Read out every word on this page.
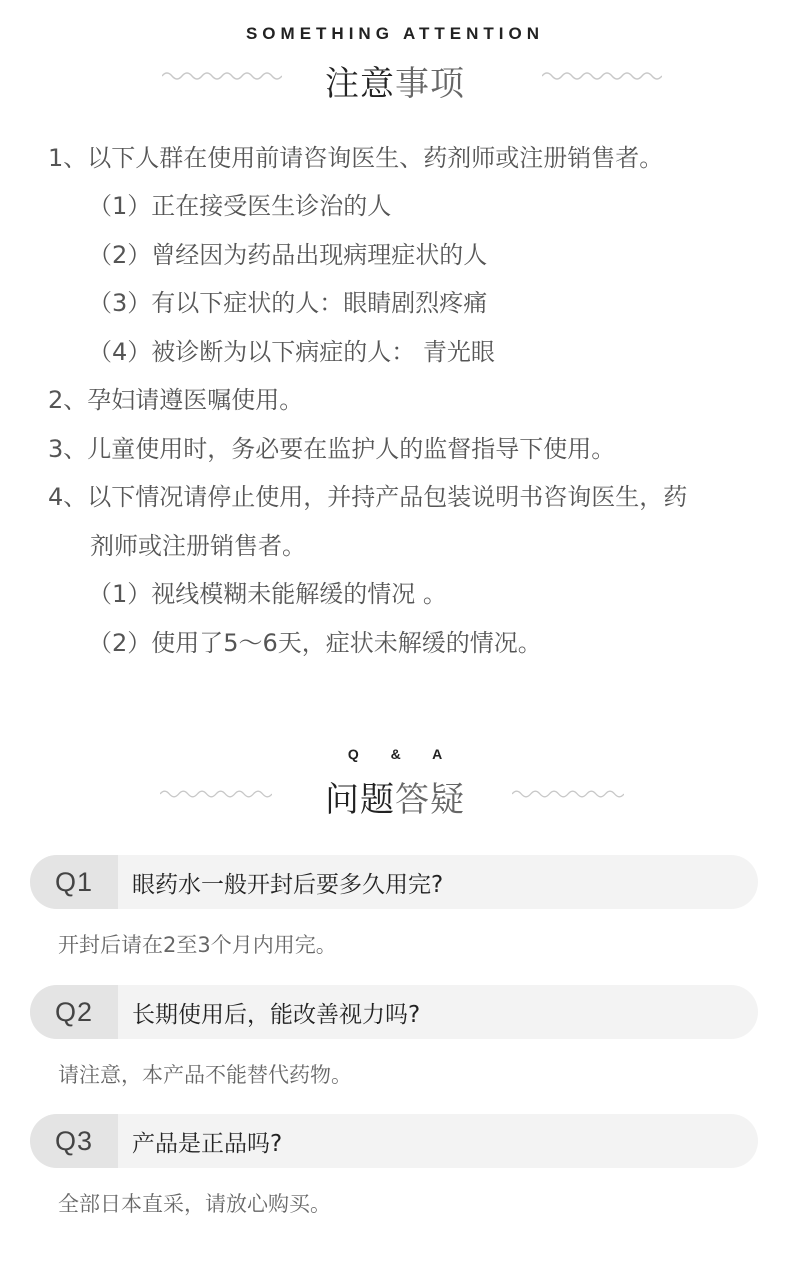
SOMETHING ATTENTION
注意事项
1、以下人群在使用前请咨询医生、药剂师或注册销售者。
（1）正在接受医生诊治的人
（2）曾经因为药品出现病理症状的人
（3）有以下症状的人：眼睛剧烈疼痛
（4）被诊断为以下病症的人： 青光眼
2、孕妇请遵医嘱使用。
3、儿童使用时，务必要在监护人的监督指导下使用。
4、以下情况请停止使用，并持产品包装说明书咨询医生，药
剂师或注册销售者。
（1）视线模糊未能解缓的情况 。
（2）使用了5～6天，症状未解缓的情况。
Q & A
问题答疑
Q1	眼药水一般开封后要多久用完?
开封后请在2至3个月内用完。
Q2	长期使用后，能改善视力吗?
请注意，本产品不能替代药物。
Q3	产品是正品吗?
全部日本直采，请放心购买。
